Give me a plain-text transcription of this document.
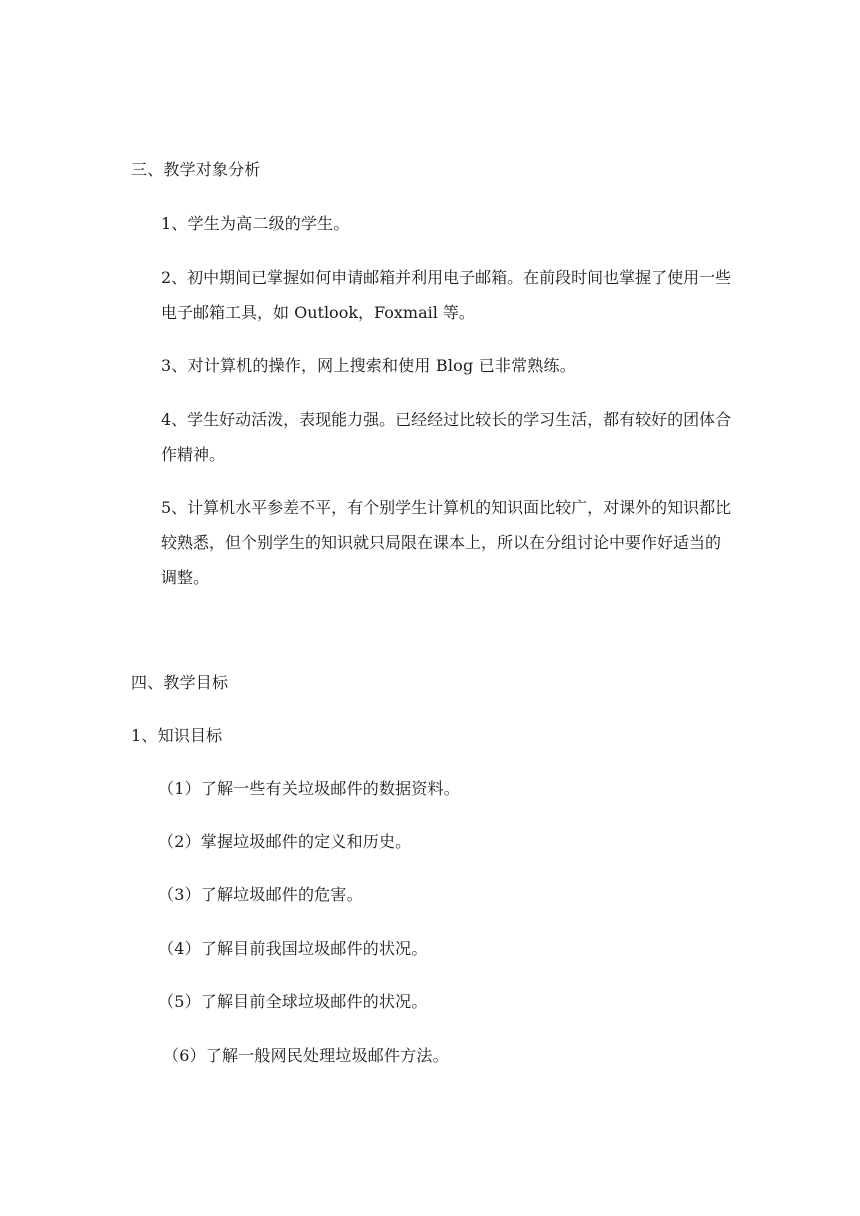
三、教学对象分析
1、学生为高二级的学生。
2、初中期间已掌握如何申请邮箱并利用电子邮箱。在前段时间也掌握了使用一些电子邮箱工具，如 Outlook，Foxmail 等。
3、对计算机的操作，网上搜索和使用 Blog 已非常熟练。
4、学生好动活泼，表现能力强。已经经过比较长的学习生活，都有较好的团体合作精神。
5、计算机水平参差不平，有个别学生计算机的知识面比较广，对课外的知识都比较熟悉，但个别学生的知识就只局限在课本上，所以在分组讨论中要作好适当的调整。
四、教学目标
1、知识目标
（1）了解一些有关垃圾邮件的数据资料。
（2）掌握垃圾邮件的定义和历史。
（3）了解垃圾邮件的危害。
（4）了解目前我国垃圾邮件的状况。
（5）了解目前全球垃圾邮件的状况。
（6）了解一般网民处理垃圾邮件方法。
